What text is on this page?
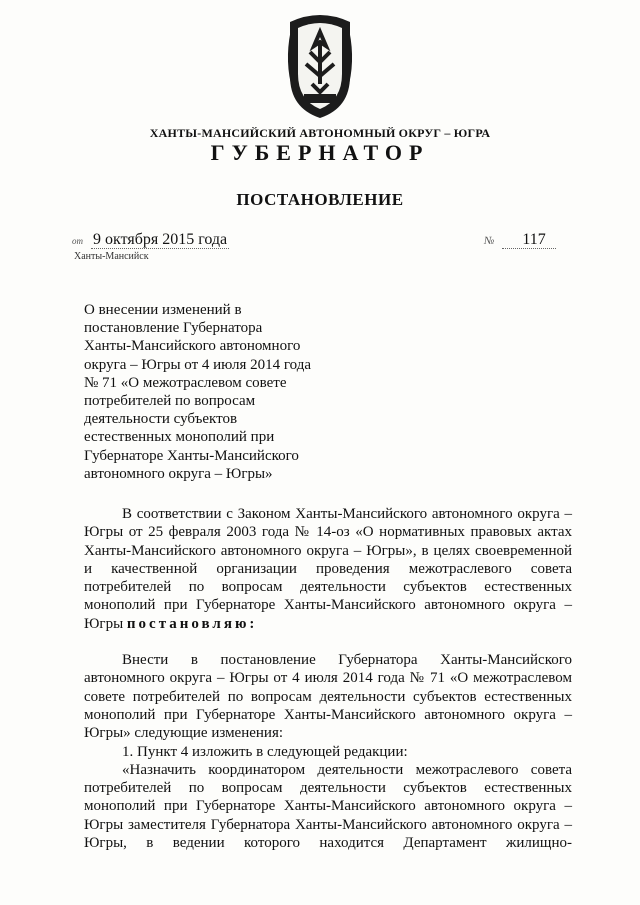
ХАНТЫ-МАНСИЙСКИЙ АВТОНОМНЫЙ ОКРУГ – ЮГРА
ГУБЕРНАТОР
ПОСТАНОВЛЕНИЕ
от 9 октября 2015 года	№ 117
Ханты-Мансийск
О внесении изменений в
постановление Губернатора
Ханты-Мансийского автономного
округа – Югры от 4 июля 2014 года
№ 71 «О межотраслевом совете
потребителей по вопросам
деятельности субъектов
естественных монополий при
Губернаторе Ханты-Мансийского
автономного округа – Югры»
В соответствии с Законом Ханты-Мансийского автономного округа –
Югры от 25 февраля 2003 года № 14-оз «О нормативных правовых актах
Ханты-Мансийского автономного округа – Югры», в целях своевременной
и качественной организации проведения межотраслевого совета
потребителей по вопросам деятельности субъектов естественных
монополий при Губернаторе Ханты-Мансийского автономного округа –
Югры постановляю:
Внести в постановление Губернатора Ханты-Мансийского
автономного округа – Югры от 4 июля 2014 года № 71 «О межотраслевом
совете потребителей по вопросам деятельности субъектов естественных
монополий при Губернаторе Ханты-Мансийского автономного округа –
Югры» следующие изменения:
1. Пункт 4 изложить в следующей редакции:
«Назначить координатором деятельности межотраслевого совета
потребителей по вопросам деятельности субъектов естественных
монополий при Губернаторе Ханты-Мансийского автономного округа –
Югры заместителя Губернатора Ханты-Мансийского автономного округа –
Югры, в ведении которого находится Департамент жилищно-
